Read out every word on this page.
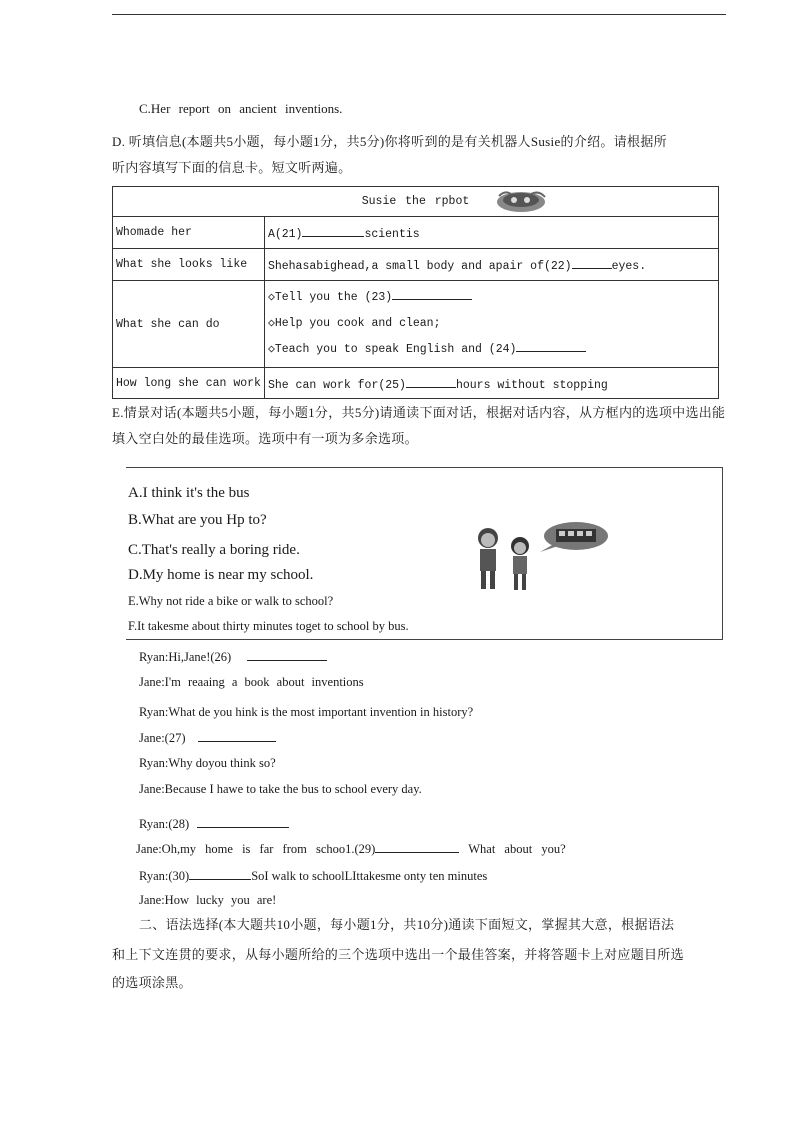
C.Her report on ancient inventions.
D. 听填信息(本题共5小题，每小题1分，共5分)你将听到的是有关机器人Susie的介绍。请根据所
听内容填写下面的信息卡。短文听两遍。
Susie the rpbot	

Whomade her	A(21) scientis
What she looks like	Shehasabighead,a small body and apair of(22) eyes.
What she can do	◇Tell you the (23)
◇Help you cook and clean;
◇Teach you to speak English and (24)

How long she can work	She can work for(25) hours without stopping
E.情景对话(本题共5小题，每小题1分，共5分)请通读下面对话，根据对话内容，从方框内的选项中选出能
填入空白处的最佳选项。选项中有一项为多余选项。
A.I think it's the bus
B.What are you Hp to?
C.That's really a boring ride.
D.My home is near my school.
E.Why not ride a bike or walk to school?
F.It takesme about thirty minutes toget to school by bus.
Ryan:Hi,Jane!(26)
Jane:I'm reaaing a book about inventions
Ryan:What de you hink is the most important invention in history?
Jane:(27)
Ryan:Why doyou think so?
Jane:Because I hawe to take the bus to school every day.
Ryan:(28)
Jane:Oh,my home is far from schoo1.(29)	What about you?
Ryan:(30)	SoI walk to schoolLIttakesme onty ten minutes
Jane:How lucky you are!
二、语法选择(本大题共10小题，每小题1分，共10分)通读下面短文，掌握其大意，根据语法
和上下文连贯的要求，从每小题所给的三个选项中选出一个最佳答案，并将答题卡上对应题目所选
的选项涂黑。
